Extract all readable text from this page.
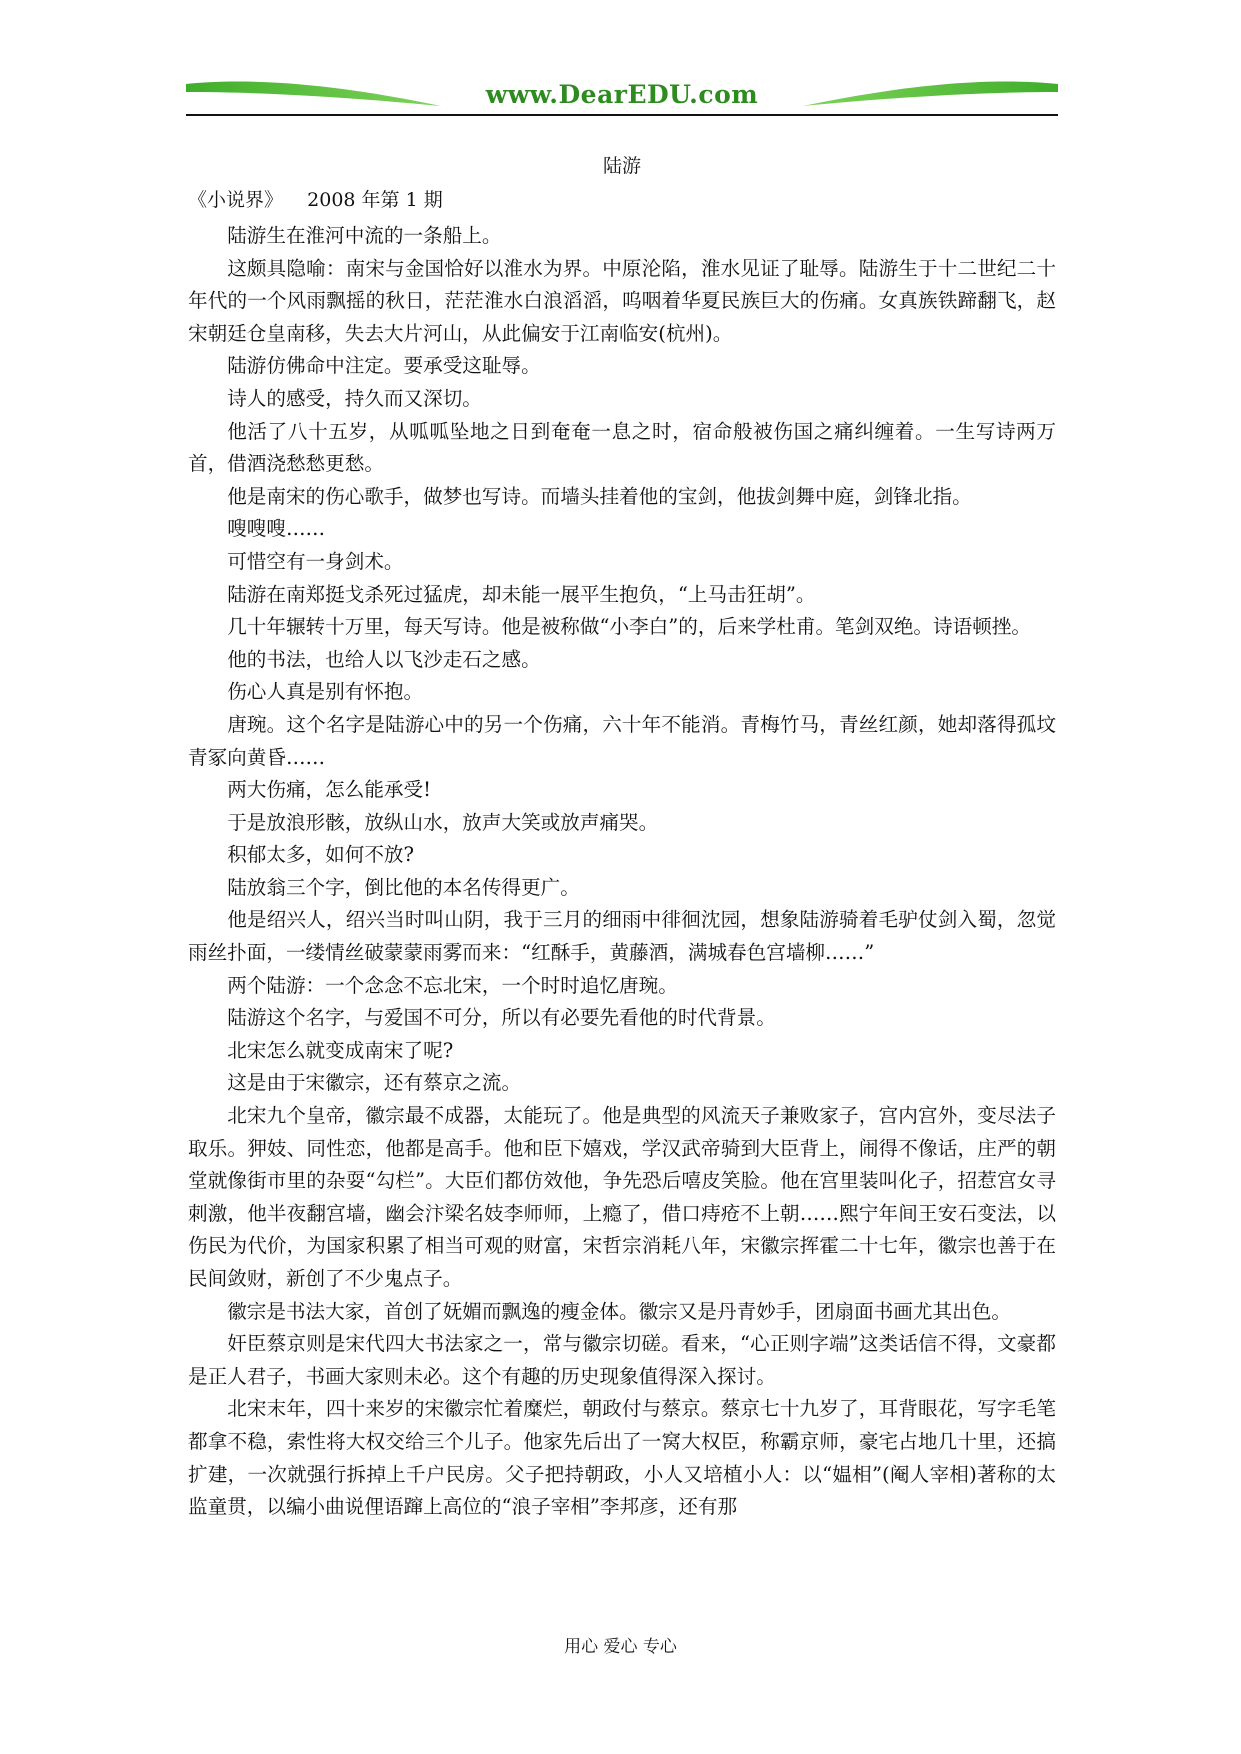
www.DearEDU.com
陆游
《小说界》    2008 年第 1 期

陆游生在淮河中流的一条船上。

这颇具隐喻：南宋与金国恰好以淮水为界。中原沦陷，淮水见证了耻辱。陆游生于十二世纪二十年代的一个风雨飘摇的秋日，茫茫淮水白浪滔滔，呜咽着华夏民族巨大的伤痛。女真族铁蹄翻飞，赵宋朝廷仓皇南移，失去大片河山，从此偏安于江南临安(杭州)。

陆游仿佛命中注定。要承受这耻辱。

诗人的感受，持久而又深切。

他活了八十五岁，从呱呱坠地之日到奄奄一息之时，宿命般被伤国之痛纠缠着。一生写诗两万首，借酒浇愁愁更愁。

他是南宋的伤心歌手，做梦也写诗。而墙头挂着他的宝剑，他拔剑舞中庭，剑锋北指。

嗖嗖嗖……

可惜空有一身剑术。

陆游在南郑挺戈杀死过猛虎，却未能一展平生抱负，“上马击狂胡”。

几十年辗转十万里，每天写诗。他是被称做“小李白”的，后来学杜甫。笔剑双绝。诗语顿挫。

他的书法，也给人以飞沙走石之感。

伤心人真是别有怀抱。

唐琬。这个名字是陆游心中的另一个伤痛，六十年不能消。青梅竹马，青丝红颜，她却落得孤坟青冢向黄昏……

两大伤痛，怎么能承受!

于是放浪形骸，放纵山水，放声大笑或放声痛哭。

积郁太多，如何不放?

陆放翁三个字，倒比他的本名传得更广。

他是绍兴人，绍兴当时叫山阴，我于三月的细雨中徘徊沈园，想象陆游骑着毛驴仗剑入蜀，忽觉雨丝扑面，一缕情丝破蒙蒙雨雾而来：“红酥手，黄藤酒，满城春色宫墙柳……”

两个陆游：一个念念不忘北宋，一个时时追忆唐琬。

陆游这个名字，与爱国不可分，所以有必要先看他的时代背景。

北宋怎么就变成南宋了呢?

这是由于宋徽宗，还有蔡京之流。

北宋九个皇帝，徽宗最不成器，太能玩了。他是典型的风流天子兼败家子，宫内宫外，变尽法子取乐。狎妓、同性恋，他都是高手。他和臣下嬉戏，学汉武帝骑到大臣背上，闹得不像话，庄严的朝堂就像街市里的杂耍“勾栏”。大臣们都仿效他，争先恐后嘻皮笑脸。他在宫里装叫化子，招惹宫女寻刺激，他半夜翻宫墙，幽会汴梁名妓李师师，上瘾了，借口痔疮不上朝……熙宁年间王安石变法，以伤民为代价，为国家积累了相当可观的财富，宋哲宗消耗八年，宋徽宗挥霍二十七年，徽宗也善于在民间敛财，新创了不少鬼点子。

徽宗是书法大家，首创了妩媚而飘逸的瘦金体。徽宗又是丹青妙手，团扇面书画尤其出色。

奸臣蔡京则是宋代四大书法家之一，常与徽宗切磋。看来，“心正则字端”这类话信不得，文豪都是正人君子，书画大家则未必。这个有趣的历史现象值得深入探讨。

北宋末年，四十来岁的宋徽宗忙着糜烂，朝政付与蔡京。蔡京七十九岁了，耳背眼花，写字毛笔都拿不稳，索性将大权交给三个儿子。他家先后出了一窝大权臣，称霸京师，豪宅占地几十里，还搞扩建，一次就强行拆掉上千户民房。父子把持朝政，小人又培植小人：以“媪相”(阉人宰相)著称的太监童贯，以编小曲说俚语蹿上高位的“浪子宰相”李邦彦，还有那

用心 爱心 专心
